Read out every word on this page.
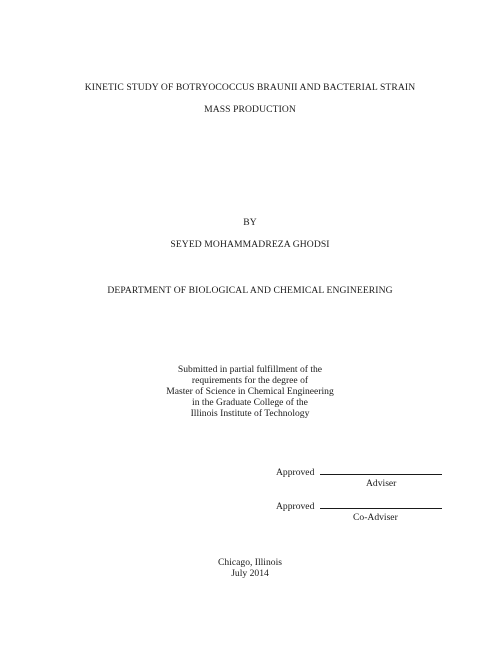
KINETIC STUDY OF BOTRYOCOCCUS BRAUNII AND BACTERIAL STRAIN
MASS PRODUCTION
BY
SEYED MOHAMMADREZA GHODSI
DEPARTMENT OF BIOLOGICAL AND CHEMICAL ENGINEERING
Submitted in partial fulfillment of the
requirements for the degree of
Master of Science in Chemical Engineering
in the Graduate College of the
Illinois Institute of Technology
Approved
Adviser
Approved
Co-Adviser
Chicago, Illinois
July 2014
